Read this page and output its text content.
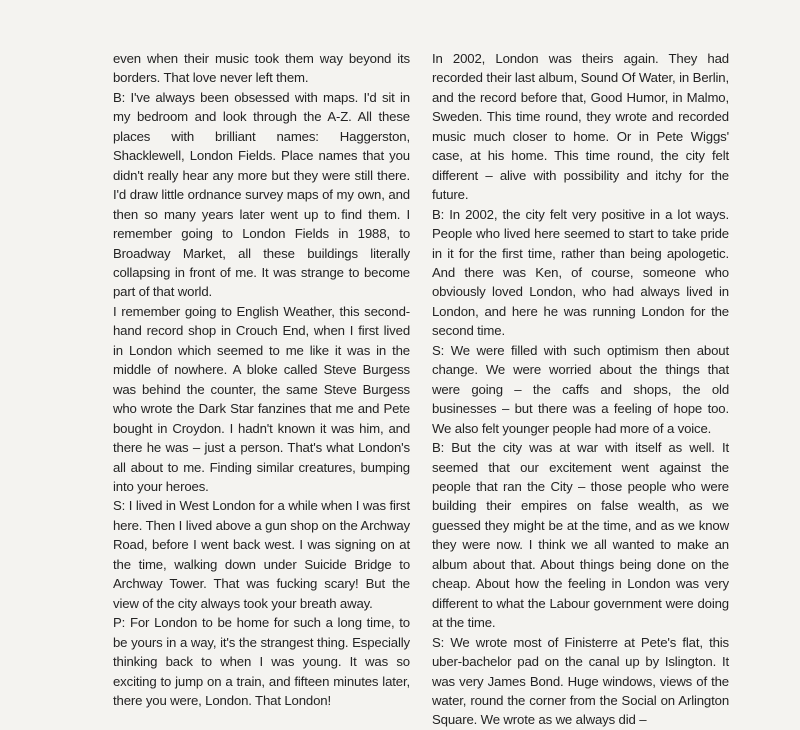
even when their music took them way beyond its borders. That love never left them.

B: I've always been obsessed with maps. I'd sit in my bedroom and look through the A-Z. All these places with brilliant names: Haggerston, Shacklewell, London Fields. Place names that you didn't really hear any more but they were still there. I'd draw little ordnance survey maps of my own, and then so many years later went up to find them. I remember going to London Fields in 1988, to Broadway Market, all these buildings literally collapsing in front of me. It was strange to become part of that world.

I remember going to English Weather, this second-hand record shop in Crouch End, when I first lived in London which seemed to me like it was in the middle of nowhere. A bloke called Steve Burgess was behind the counter, the same Steve Burgess who wrote the Dark Star fanzines that me and Pete bought in Croydon. I hadn't known it was him, and there he was – just a person. That's what London's all about to me. Finding similar creatures, bumping into your heroes.

S: I lived in West London for a while when I was first here. Then I lived above a gun shop on the Archway Road, before I went back west. I was signing on at the time, walking down under Suicide Bridge to Archway Tower. That was fucking scary! But the view of the city always took your breath away.

P: For London to be home for such a long time, to be yours in a way, it's the strangest thing. Especially thinking back to when I was young. It was so exciting to jump on a train, and fifteen minutes later, there you were, London. That London!

In 2002, London was theirs again. They had recorded their last album, Sound Of Water, in Berlin, and the record before that, Good Humor, in Malmo, Sweden. This time round, they wrote and recorded music much closer to home. Or in Pete Wiggs' case, at his home. This time round, the city felt different – alive with possibility and itchy for the future.

B: In 2002, the city felt very positive in a lot ways. People who lived here seemed to start to take pride in it for the first time, rather than being apologetic. And there was Ken, of course, someone who obviously loved London, who had always lived in London, and here he was running London for the second time.

S: We were filled with such optimism then about change. We were worried about the things that were going – the caffs and shops, the old businesses – but there was a feeling of hope too. We also felt younger people had more of a voice.

B: But the city was at war with itself as well. It seemed that our excitement went against the people that ran the City – those people who were building their empires on false wealth, as we guessed they might be at the time, and as we know they were now. I think we all wanted to make an album about that. About things being done on the cheap. About how the feeling in London was very different to what the Labour government were doing at the time.

S: We wrote most of Finisterre at Pete's flat, this uber-bachelor pad on the canal up by Islington. It was very James Bond. Huge windows, views of the water, round the corner from the Social on Arlington Square. We wrote as we always did –
